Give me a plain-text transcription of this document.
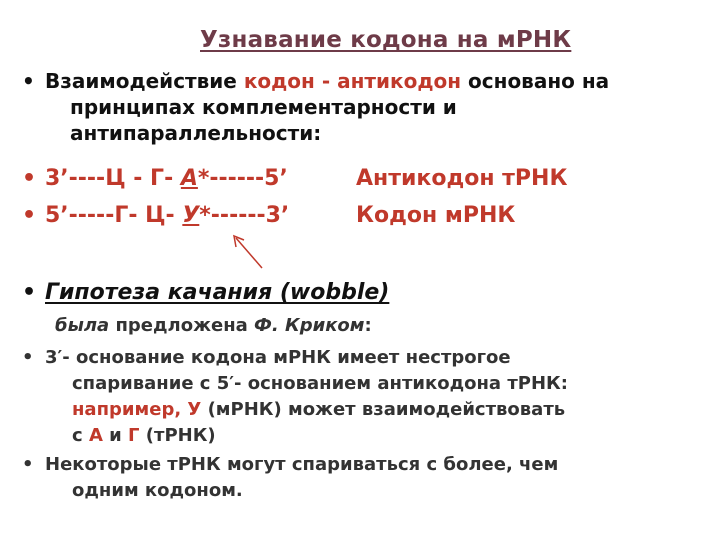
Узнавание кодона на мРНК
• Взаимодействие кодон - антикодон основано на
принципах комплементарности и
антипараллельности:
• 3’----Ц - Г- А*------5’	Антикодон тРНК
• 5’-----Г- Ц- У*------3’	Кодон мРНК
• Гипотеза качания (wobble)
была предложена Ф. Криком:
• 3′- основание кодона мРНК имеет нестрогое
спаривание с 5′- основанием антикодона тРНК:
например, У (мРНК) может взаимодействовать
с А и Г (тРНК)
• Некоторые тРНК могут спариваться с более, чем
одним кодоном.
